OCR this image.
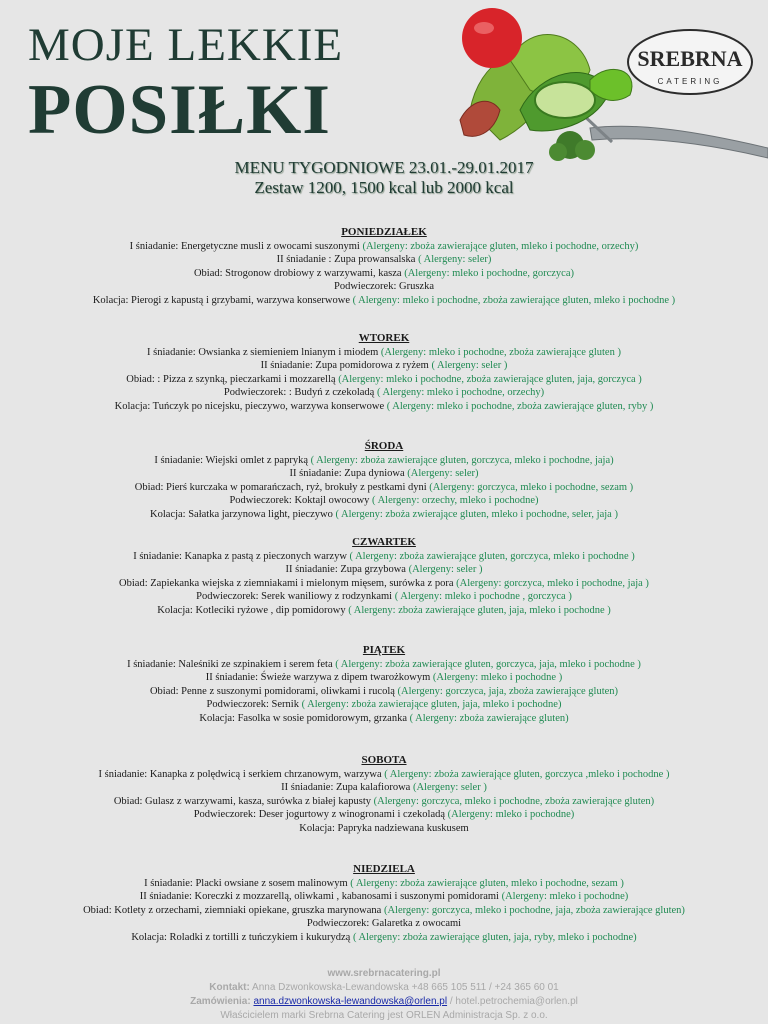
MOJE LEKKIE
POSIŁKI
SREBRNA
CATERING
MENU TYGODNIOWE 23.01.-29.01.2017
Zestaw 1200, 1500 kcal lub 2000 kcal
PONIEDZIAŁEK
I śniadanie: Energetyczne musli z owocami suszonymi (Alergeny: zboża zawierające gluten, mleko i pochodne, orzechy)
II śniadanie : Zupa prowansalska ( Alergeny: seler)
Obiad: Strogonow drobiowy z warzywami, kasza (Alergeny: mleko i pochodne, gorczyca)
Podwieczorek: Gruszka
Kolacja: Pierogi z kapustą i grzybami, warzywa konserwowe ( Alergeny: mleko i pochodne, zboża zawierające gluten, mleko i pochodne )
WTOREK
I śniadanie: Owsianka z siemieniem lnianym i miodem (Alergeny: mleko i pochodne, zboża zawierające gluten )
II śniadanie: Zupa pomidorowa z ryżem ( Alergeny: seler )
Obiad: : Pizza z szynką, pieczarkami i mozzarellą (Alergeny: mleko i pochodne, zboża zawierające gluten, jaja, gorczyca )
Podwieczorek: : Budyń z czekoladą ( Alergeny: mleko i pochodne, orzechy)
Kolacja: Tuńczyk po nicejsku, pieczywo, warzywa konserwowe ( Alergeny: mleko i pochodne, zboża zawierające gluten, ryby )
ŚRODA
I śniadanie: Wiejski omlet z papryką ( Alergeny: zboża zawierające gluten, gorczyca, mleko i pochodne, jaja)
II śniadanie: Zupa dyniowa (Alergeny: seler)
Obiad: Pierś kurczaka w pomarańczach, ryż, brokuły z pestkami dyni (Alergeny: gorczyca, mleko i pochodne, sezam )
Podwieczorek: Koktajl owocowy ( Alergeny: orzechy, mleko i pochodne)
Kolacja: Sałatka jarzynowa light, pieczywo ( Alergeny: zboża zwierające gluten, mleko i pochodne, seler, jaja )
CZWARTEK
I śniadanie: Kanapka z pastą z pieczonych warzyw ( Alergeny: zboża zawierające gluten, gorczyca, mleko i pochodne )
II śniadanie: Zupa grzybowa (Alergeny: seler )
Obiad: Zapiekanka wiejska z ziemniakami i mielonym mięsem, surówka z pora (Alergeny: gorczyca, mleko i pochodne, jaja )
Podwieczorek: Serek waniliowy z rodzynkami ( Alergeny: mleko i pochodne , gorczyca )
Kolacja: Kotleciki ryżowe , dip pomidorowy ( Alergeny: zboża zawierające gluten, jaja, mleko i pochodne )
PIĄTEK
I śniadanie: Naleśniki ze szpinakiem i serem feta ( Alergeny: zboża zawierające gluten, gorczyca, jaja, mleko i pochodne )
II śniadanie: Świeże warzywa z dipem twarożkowym (Alergeny: mleko i pochodne )
Obiad: Penne z suszonymi pomidorami, oliwkami i rucolą (Alergeny: gorczyca, jaja, zboża zawierające gluten)
Podwieczorek: Sernik ( Alergeny: zboża zawierające gluten, jaja, mleko i pochodne)
Kolacja: Fasolka w sosie pomidorowym, grzanka ( Alergeny: zboża zawierające gluten)
SOBOTA
I śniadanie: Kanapka z polędwicą i serkiem chrzanowym, warzywa ( Alergeny: zboża zawierające gluten, gorczyca ,mleko i pochodne )
II śniadanie: Zupa kalafiorowa (Alergeny: seler )
Obiad: Gulasz z warzywami, kasza, surówka z białej kapusty (Alergeny: gorczyca, mleko i pochodne, zboża zawierające gluten)
Podwieczorek: Deser jogurtowy z winogronami i czekoladą (Alergeny: mleko i pochodne)
Kolacja: Papryka nadziewana kuskusem
NIEDZIELA
I śniadanie: Placki owsiane z sosem malinowym ( Alergeny: zboża zawierające gluten, mleko i pochodne, sezam )
II śniadanie: Koreczki z mozzarellą, oliwkami , kabanosami i suszonymi pomidorami (Alergeny: mleko i pochodne)
Obiad: Kotlety z orzechami, ziemniaki opiekane, gruszka marynowana (Alergeny: gorczyca, mleko i pochodne, jaja, zboża zawierające gluten)
Podwieczorek: Galaretka z owocami
Kolacja: Roladki z tortilli z tuńczykiem i kukurydzą ( Alergeny: zboża zawierające gluten, jaja, ryby, mleko i pochodne)
www.srebrnacatering.pl
Kontakt: Anna Dzwonkowska-Lewandowska +48 665 105 511 / +24 365 60 01
Zamówienia: anna.dzwonkowska-lewandowska@orlen.pl / hotel.petrochemia@orlen.pl
Właścicielem marki Srebrna Catering jest ORLEN Administracja Sp. z o.o.
